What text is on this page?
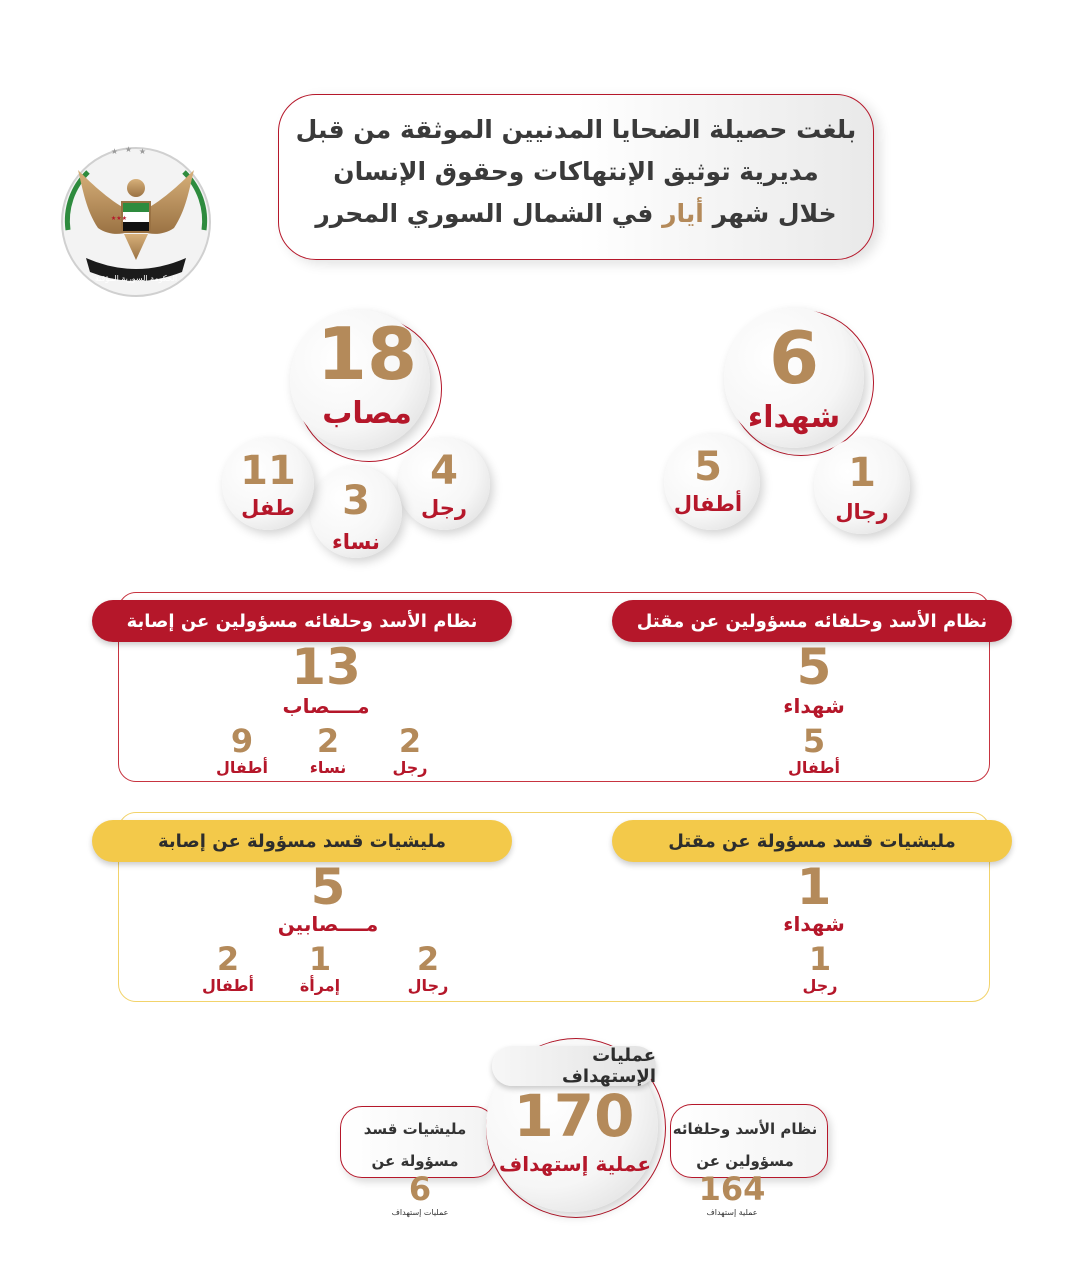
★ ★ ★
★★★
الحكومة السورية المؤقتة
بلغت حصيلة الضحايا المدنيين الموثقة من قبل
مديرية توثيق الإنتهاكات وحقوق الإنسان
خلال شهر أيار في الشمال السوري المحرر
6
شهداء
1
رجال
5
أطفال
18
مصاب
4
رجل
3
نساء
11
طفل
نظام الأسد وحلفائه مسؤولين عن مقتل
نظام الأسد وحلفائه مسؤولين عن إصابة
5
شهداء
5
أطفال
13
مــــصاب
2
رجل
2
نساء
9
أطفال
مليشيات قسد مسؤولة عن مقتل
مليشيات قسد مسؤولة عن إصابة
1
شهداء
1
رجل
5
مــــصابين
2
رجال
1
إمرأة
2
أطفال
نظام الأسد وحلفائه
مسؤولين عن
164
عملية إستهداف
مليشيات قسد
مسؤولة عن
6
عمليات إستهداف
عمليات الإستهداف
170
عملية إستهداف
